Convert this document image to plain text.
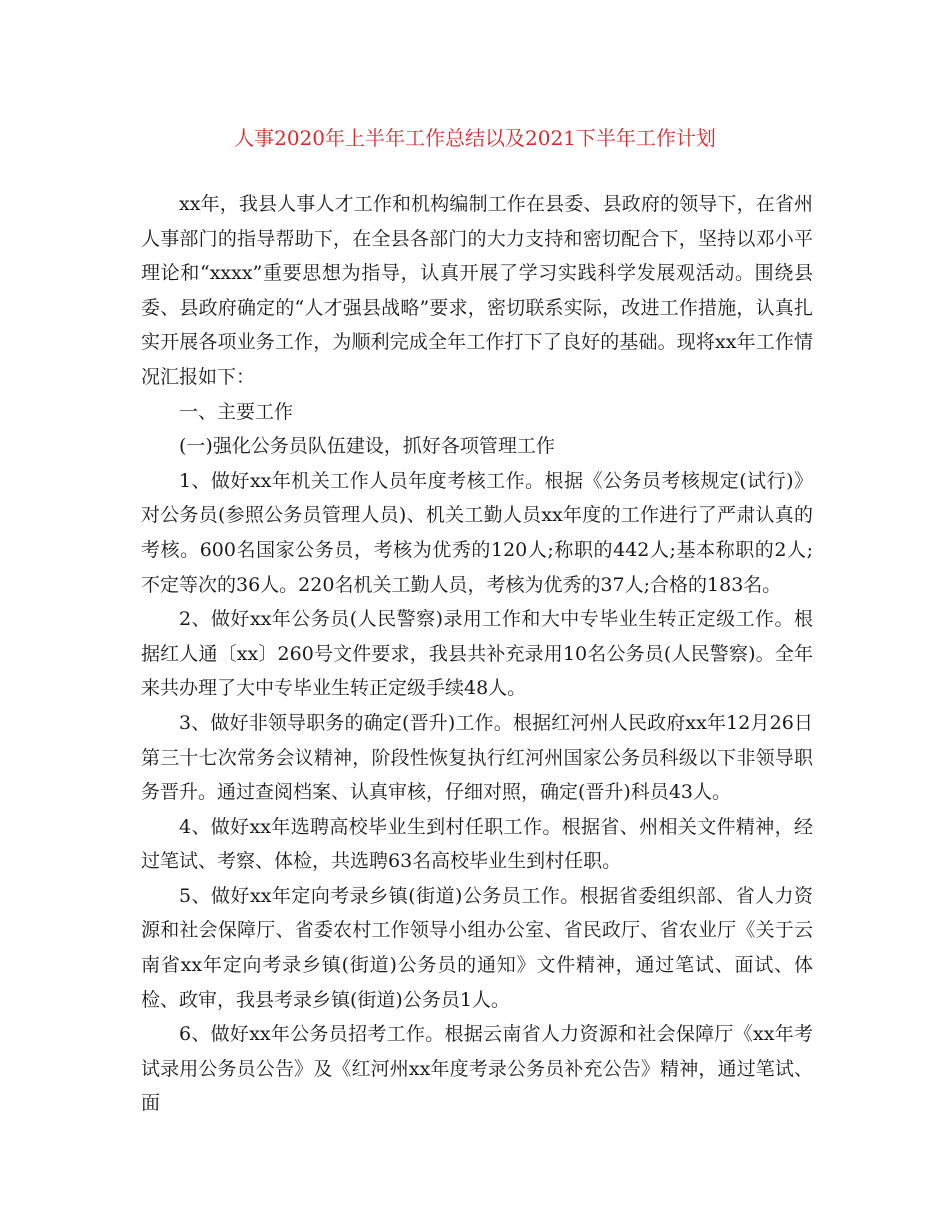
人事2020年上半年工作总结以及2021下半年工作计划

xx年，我县人事人才工作和机构编制工作在县委、县政府的领导下，在省州人事部门的指导帮助下，在全县各部门的大力支持和密切配合下，坚持以邓小平理论和“xxxx”重要思想为指导，认真开展了学习实践科学发展观活动。围绕县委、县政府确定的“人才强县战略”要求，密切联系实际，改进工作措施，认真扎实开展各项业务工作，为顺利完成全年工作打下了良好的基础。现将xx年工作情况汇报如下：

一、主要工作

(一)强化公务员队伍建设，抓好各项管理工作

1、做好xx年机关工作人员年度考核工作。根据《公务员考核规定(试行)》对公务员(参照公务员管理人员)、机关工勤人员xx年度的工作进行了严肃认真的考核。600名国家公务员，考核为优秀的120人;称职的442人;基本称职的2人;不定等次的36人。220名机关工勤人员，考核为优秀的37人;合格的183名。

2、做好xx年公务员(人民警察)录用工作和大中专毕业生转正定级工作。根据红人通〔xx〕260号文件要求，我县共补充录用10名公务员(人民警察)。全年来共办理了大中专毕业生转正定级手续48人。

3、做好非领导职务的确定(晋升)工作。根据红河州人民政府xx年12月26日第三十七次常务会议精神，阶段性恢复执行红河州国家公务员科级以下非领导职务晋升。通过查阅档案、认真审核，仔细对照，确定(晋升)科员43人。

4、做好xx年选聘高校毕业生到村任职工作。根据省、州相关文件精神，经过笔试、考察、体检，共选聘63名高校毕业生到村任职。

5、做好xx年定向考录乡镇(街道)公务员工作。根据省委组织部、省人力资源和社会保障厅、省委农村工作领导小组办公室、省民政厅、省农业厅《关于云南省xx年定向考录乡镇(街道)公务员的通知》文件精神，通过笔试、面试、体检、政审，我县考录乡镇(街道)公务员1人。

6、做好xx年公务员招考工作。根据云南省人力资源和社会保障厅《xx年考试录用公务员公告》及《红河州xx年度考录公务员补充公告》精神，通过笔试、面
